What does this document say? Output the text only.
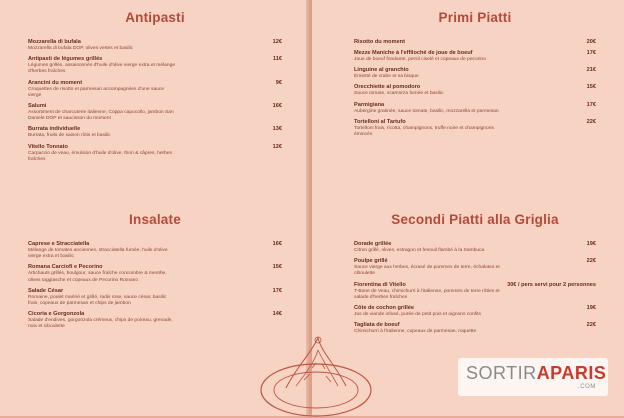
Antipasti
Mozzarella di bufala	12€
Mozzarella di bufala DOP, olives vertes et basilic
Antipasti de légumes grillés	11€
Légumes grillés, assaisonnés d'huile d'olive vierge extra et mélange d'herbes fraîches
Arancini du moment	9€
Croquettes de risotto et parmesan accompagnées d'une sauce vierge
Salumi	16€
Assortiment de charcuterie italienne, Coppa capocollo, jambon San Daniele DOP et saucisson du moment
Burrata individuelle	13€
Burrata, fruits de saison rôtis et basilic
Vitello Tonnato	12€
Carpaccio de veau, émulsion d'huile d'olive, thon & câpres, herbes fraîches
Insalate
Caprese e Stracciatella	16€
Mélange de tomates anciennes, stracciatella fumée, huile d'olive vierge extra et basilic
Romana Carciofi e Pecorino	15€
Artichauts grillés, boulgour, sauce fraîche concombre & menthe, olives taggiasche et copeaux de Pecorino Romano
Salade César	17€
Romaine, poulet mariné et grillé, radis rose, sauce césar, basilic frais, copeaux de parmesan et chips de jambon
Cicoria e Gorgonzola	14€
Salade d'endives, gorgonzola crémeux, chips de poireau, grenade, noix et ciboulette
Primi Piatti
Risotto du moment	20€
Mezze Maniche à l'effiloché de joue de boeuf	17€
Joue de boeuf fondante, persil ciselé et copeaux de pecorino
Linguine al granchio	21€
Émietté de crabe et sa bisque
Orecchiette al pomodoro	15€
Sauce tomate, scamorza fumée et basilic
Parmigiana	17€
Aubergine gratinée, sauce tomate, basilic, mozzarella et parmesan
Tortelloni al Tartufo	22€
Tortelloni frais, ricotta, champignons, truffe noire et champignons émincés
Secondi Piatti alla Griglia
Dorade grillée	19€
Citron grillé, olives, estragon et fenouil flambé à la Sambuca
Poulpe grillé	22€
Sauce vierge aux herbes, écrasé de pommes de terre, échalotes et ciboulette
Fiorentina di Vitello	30€ / pers servi pour 2 personnes
T-Bone de Veau, chimichurri à l'italienne, pommes de terre rôties et salade d'herbes fraîches
Côte de cochon grillée	19€
Jus de viande infusé, purée de petit pois et oignons confits
Tagliata de boeuf	22€
Chimichurri à l'italienne, copeaux de parmesan, roquette
SORTIRAPARIS
.COM
